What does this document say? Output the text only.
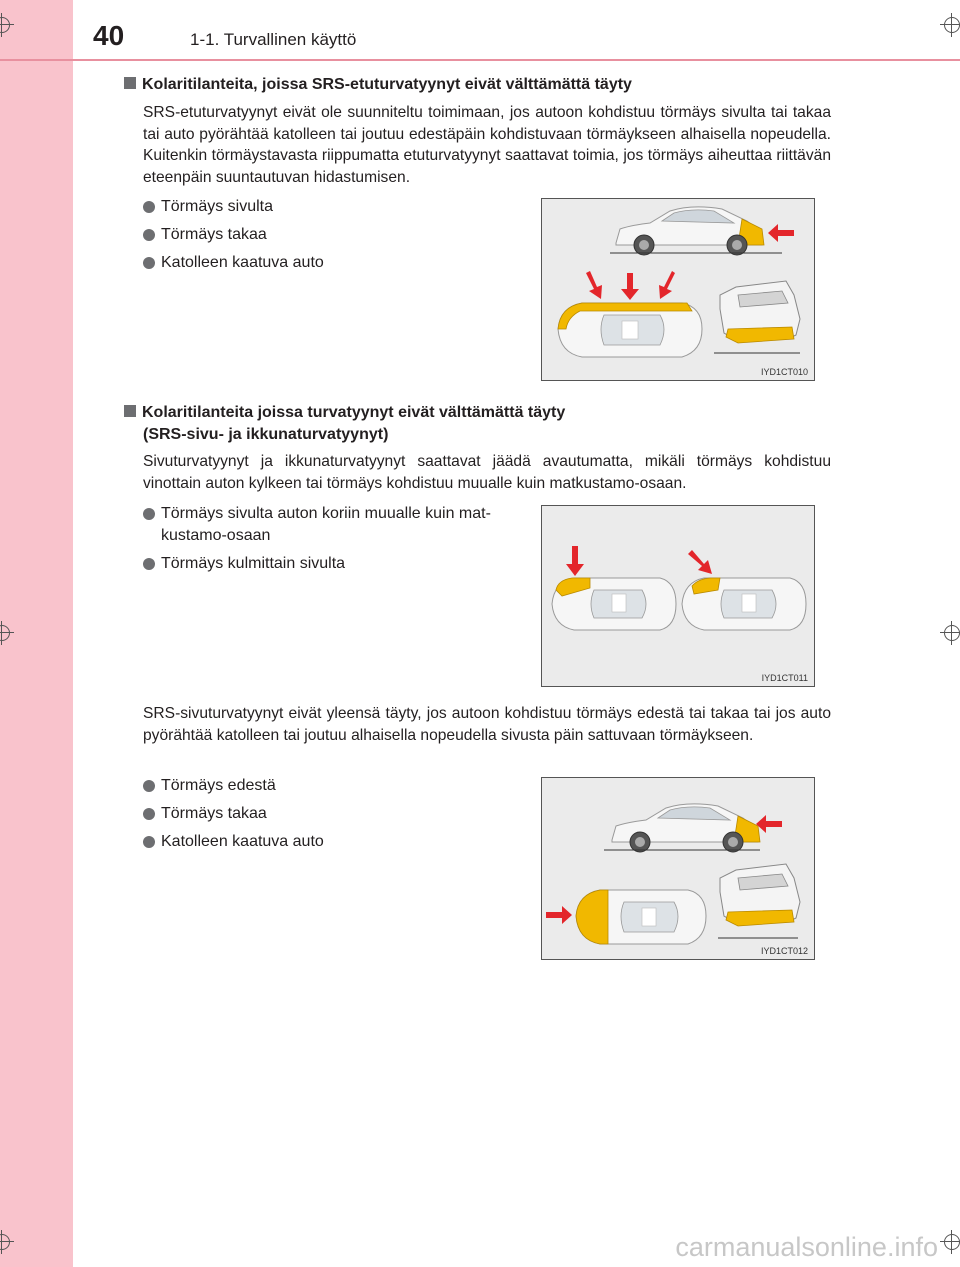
40	1-1. Turvallinen käyttö
Kolaritilanteita, joissa SRS-etuturvatyynyt eivät välttämättä täyty
SRS-etuturvatyynyt eivät ole suunniteltu toimimaan, jos autoon kohdistuu törmäys sivulta tai takaa tai auto pyörähtää katolleen tai joutuu edestäpäin kohdistuvaan törmäykseen alhaisella nopeudella. Kuitenkin törmäystavasta riippumatta etuturvatyynyt saattavat toimia, jos törmäys aiheuttaa riittävän eteenpäin suuntautuvan hidastumisen.
Törmäys sivulta
Törmäys takaa
Katolleen kaatuva auto
IYD1CT010
Kolaritilanteita joissa turvatyynyt eivät välttämättä täyty
(SRS-sivu- ja ikkunaturvatyynyt)
Sivuturvatyynyt ja ikkunaturvatyynyt saattavat jäädä avautumatta, mikäli törmäys kohdistuu vinottain auton kylkeen tai törmäys kohdistuu muualle kuin matkustamo-osaan.
Törmäys sivulta auton koriin muualle kuin mat-kustamo-osaan
Törmäys kulmittain sivulta
IYD1CT011
SRS-sivuturvatyynyt eivät yleensä täyty, jos autoon kohdistuu törmäys edestä tai takaa tai jos auto pyörähtää katolleen tai joutuu alhaisella nopeudella sivusta päin sattuvaan törmäykseen.
Törmäys edestä
Törmäys takaa
Katolleen kaatuva auto
IYD1CT012
carmanualsonline.info
